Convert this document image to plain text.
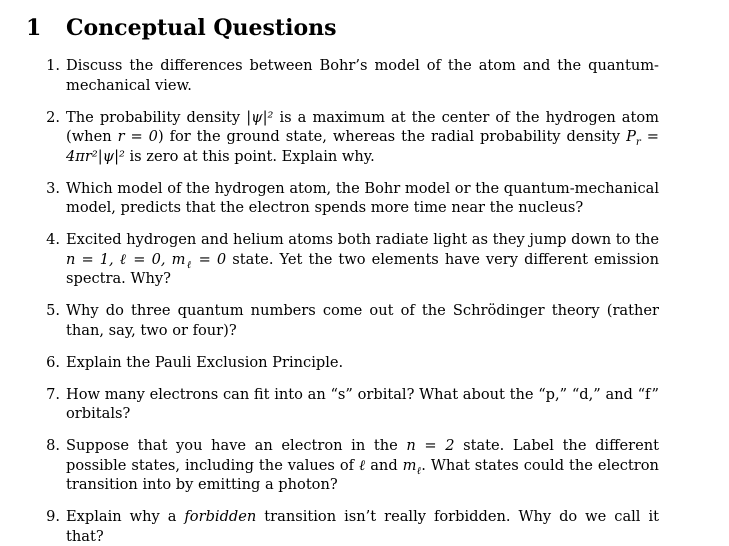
1	Conceptual Questions
1. Discuss the differences between Bohr’s model of the atom and the quantum-mechanical view.
2. The probability density |ψ|² is a maximum at the center of the hydrogen atom (when r = 0) for the ground state, whereas the radial probability density $P_r = 4\pi r^2|\psi|^2$ is zero at this point. Explain why.
3. Which model of the hydrogen atom, the Bohr model or the quantum-mechanical model, predicts that the electron spends more time near the nucleus?
4. Excited hydrogen and helium atoms both radiate light as they jump down to the n = 1, ℓ = 0, $m_\ell = 0$ state. Yet the two elements have very different emission spectra. Why?
5. Why do three quantum numbers come out of the Schrödinger theory (rather than, say, two or four)?
6. Explain the Pauli Exclusion Principle.
7. How many electrons can fit into an “s” orbital? What about the “p,” “d,” and “f” orbitals?
8. Suppose that you have an electron in the n = 2 state. Label the different possible states, including the values of ℓ and $m_\ell$. What states could the electron transition into by emitting a photon?
9. Explain why a forbidden transition isn’t really forbidden. Why do we call it that?
